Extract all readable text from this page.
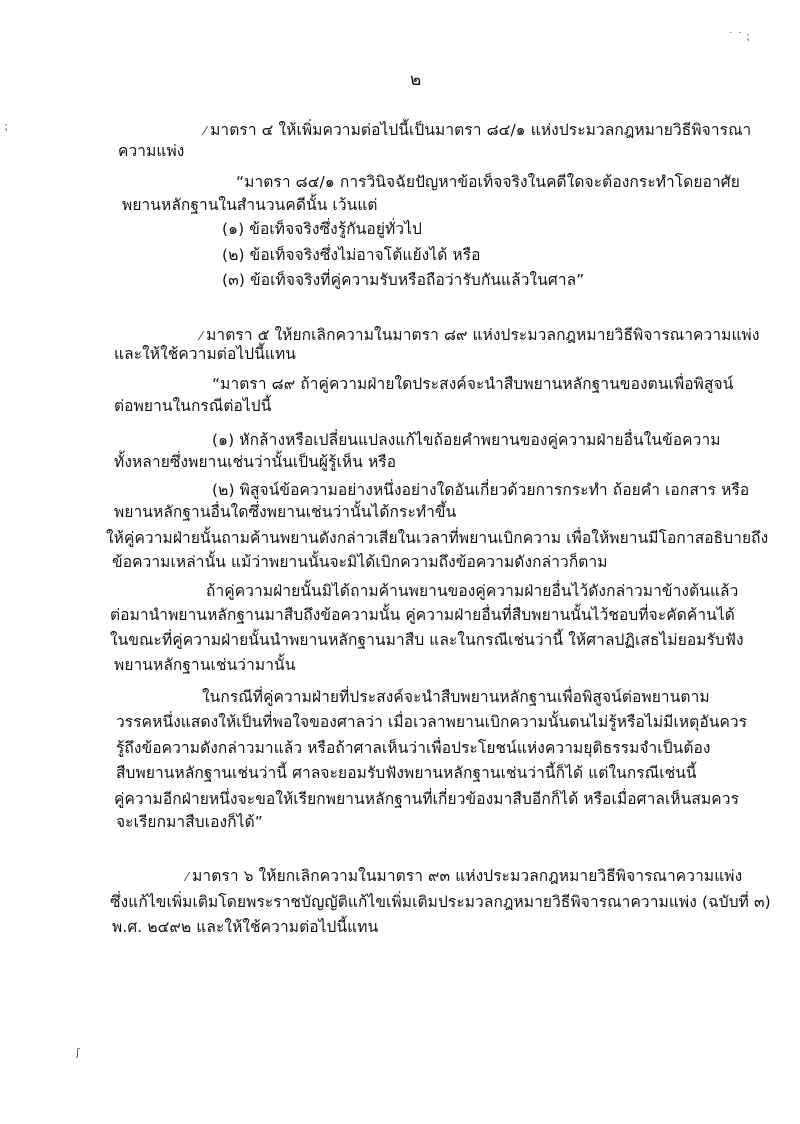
˙ ˙ ⁏
⁏
ʃ
๒
⁄ มาตรา ๔ ให้เพิ่มความต่อไปนี้เป็นมาตรา ๘๔/๑ แห่งประมวลกฎหมายวิธีพิจารณา
ความแพ่ง
“มาตรา ๘๔/๑ การวินิจฉัยปัญหาข้อเท็จจริงในคดีใดจะต้องกระทำโดยอาศัย
พยานหลักฐานในสำนวนคดีนั้น เว้นแต่
(๑) ข้อเท็จจริงซึ่งรู้กันอยู่ทั่วไป
(๒) ข้อเท็จจริงซึ่งไม่อาจโต้แย้งได้ หรือ
(๓) ข้อเท็จจริงที่คู่ความรับหรือถือว่ารับกันแล้วในศาล”
⁄ มาตรา ๕ ให้ยกเลิกความในมาตรา ๘๙ แห่งประมวลกฎหมายวิธีพิจารณาความแพ่ง
และให้ใช้ความต่อไปนี้แทน
“มาตรา ๘๙ ถ้าคู่ความฝ่ายใดประสงค์จะนำสืบพยานหลักฐานของตนเพื่อพิสูจน์
ต่อพยานในกรณีต่อไปนี้
(๑) หักล้างหรือเปลี่ยนแปลงแก้ไขถ้อยคำพยานของคู่ความฝ่ายอื่นในข้อความ
ทั้งหลายซึ่งพยานเช่นว่านั้นเป็นผู้รู้เห็น หรือ
(๒) พิสูจน์ข้อความอย่างหนึ่งอย่างใดอันเกี่ยวด้วยการกระทำ ถ้อยคำ เอกสาร หรือ
พยานหลักฐานอื่นใดซึ่งพยานเช่นว่านั้นได้กระทำขึ้น
ให้คู่ความฝ่ายนั้นถามค้านพยานดังกล่าวเสียในเวลาที่พยานเบิกความ เพื่อให้พยานมีโอกาสอธิบายถึง
ข้อความเหล่านั้น แม้ว่าพยานนั้นจะมิได้เบิกความถึงข้อความดังกล่าวก็ตาม
ถ้าคู่ความฝ่ายนั้นมิได้ถามค้านพยานของคู่ความฝ่ายอื่นไว้ดังกล่าวมาข้างต้นแล้ว
ต่อมานำพยานหลักฐานมาสืบถึงข้อความนั้น คู่ความฝ่ายอื่นที่สืบพยานนั้นไว้ชอบที่จะคัดค้านได้
ในขณะที่คู่ความฝ่ายนั้นนำพยานหลักฐานมาสืบ และในกรณีเช่นว่านี้ ให้ศาลปฏิเสธไม่ยอมรับฟัง
พยานหลักฐานเช่นว่ามานั้น
ในกรณีที่คู่ความฝ่ายที่ประสงค์จะนำสืบพยานหลักฐานเพื่อพิสูจน์ต่อพยานตาม
วรรคหนึ่งแสดงให้เป็นที่พอใจของศาลว่า เมื่อเวลาพยานเบิกความนั้นตนไม่รู้หรือไม่มีเหตุอันควร
รู้ถึงข้อความดังกล่าวมาแล้ว หรือถ้าศาลเห็นว่าเพื่อประโยชน์แห่งความยุติธรรมจำเป็นต้อง
สืบพยานหลักฐานเช่นว่านี้ ศาลจะยอมรับฟังพยานหลักฐานเช่นว่านี้ก็ได้ แต่ในกรณีเช่นนี้
คู่ความอีกฝ่ายหนึ่งจะขอให้เรียกพยานหลักฐานที่เกี่ยวข้องมาสืบอีกก็ได้ หรือเมื่อศาลเห็นสมควร
จะเรียกมาสืบเองก็ได้”
⁄ มาตรา ๖ ให้ยกเลิกความในมาตรา ๙๓ แห่งประมวลกฎหมายวิธีพิจารณาความแพ่ง
ซึ่งแก้ไขเพิ่มเติมโดยพระราชบัญญัติแก้ไขเพิ่มเติมประมวลกฎหมายวิธีพิจารณาความแพ่ง (ฉบับที่ ๓)
พ.ศ. ๒๔๙๒ และให้ใช้ความต่อไปนี้แทน
